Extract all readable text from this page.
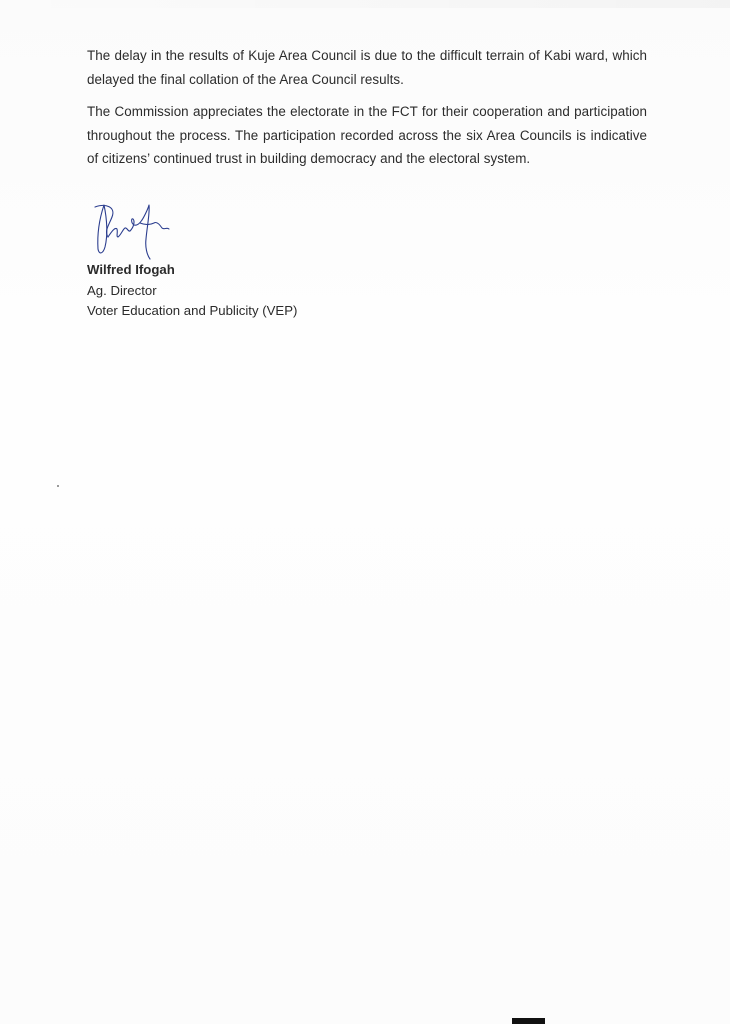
The delay in the results of Kuje Area Council is due to the difficult terrain of Kabi ward, which delayed the final collation of the Area Council results.

The Commission appreciates the electorate in the FCT for their cooperation and participation throughout the process. The participation recorded across the six Area Councils is indicative of citizens’ continued trust in building democracy and the electoral system.

Wilfred Ifogah
Ag. Director
Voter Education and Publicity (VEP)
